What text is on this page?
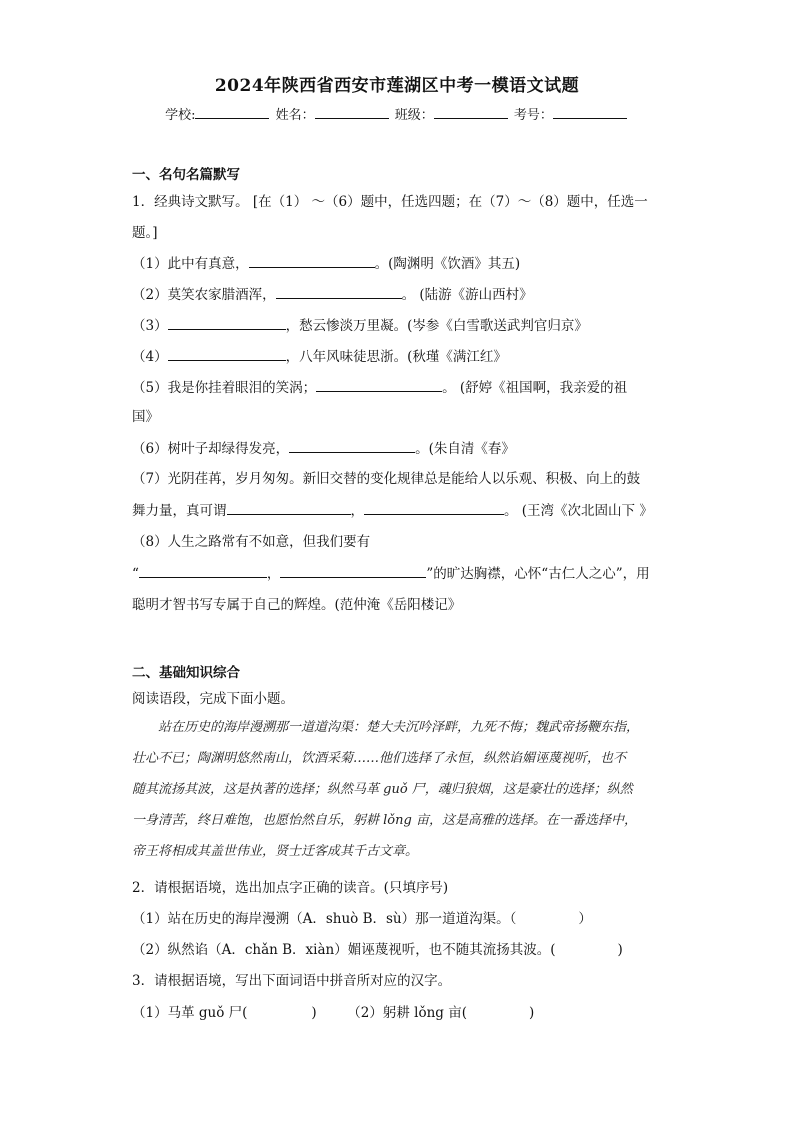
2024年陕西省西安市莲湖区中考一模语文试题
学校:	姓名：	班级：	考号：
一、名句名篇默写
1．经典诗文默写。 [在（1） ～（6）题中，任选四题；在（7）～（8）题中，任选一
题。]
（1）此中有真意，	。(陶渊明《饮酒》其五)
（2）莫笑农家腊酒浑，	。 (陆游《游山西村》
（3）	，愁云惨淡万里凝。(岑参《白雪歌送武判官归京》
（4）	，八年风味徒思浙。(秋瑾《满江红》
（5）我是你挂着眼泪的笑涡；	。 (舒婷《祖国啊，我亲爱的祖
国》
（6）树叶子却绿得发亮，	。(朱自清《春》
（7）光阴荏苒，岁月匆匆。新旧交替的变化规律总是能给人以乐观、积极、向上的鼓
舞力量，真可谓	，	。 (王湾《次北固山下 》
（8）人生之路常有不如意，但我们要有
“	，	”的旷达胸襟，心怀“古仁人之心”，用
聪明才智书写专属于自己的辉煌。(范仲淹《岳阳楼记》
二、基础知识综合
阅读语段，完成下面小题。
站在历史的海岸漫溯那一道道沟渠：楚大夫沉吟泽畔，九死不悔；魏武帝扬鞭东指，
壮心不已；陶渊明悠然南山，饮酒采菊……他们选择了永恒，纵然谄媚诬蔑视听，也不
随其流扬其波，这是执著的选择；纵然马革 guǒ 尸，魂归狼烟，这是豪壮的选择；纵然
一身清苦，终日难饱，也愿怡然自乐，躬耕 lǒng 亩，这是高雅的选择。在一番选择中，
帝王将相成其盖世伟业，贤士迁客成其千古文章。
2．请根据语境，选出加点字正确的读音。(只填序号)
（1）站在历史的海岸漫溯（A．shuò B．sù）那一道道沟渠。（	）
（2）纵然谄（A．chǎn B．xiàn）媚诬蔑视听，也不随其流扬其波。(	)
3．请根据语境，写出下面词语中拼音所对应的汉字。
（1）马革 guǒ 尸(	) （2）躬耕 lǒng 亩(	)
